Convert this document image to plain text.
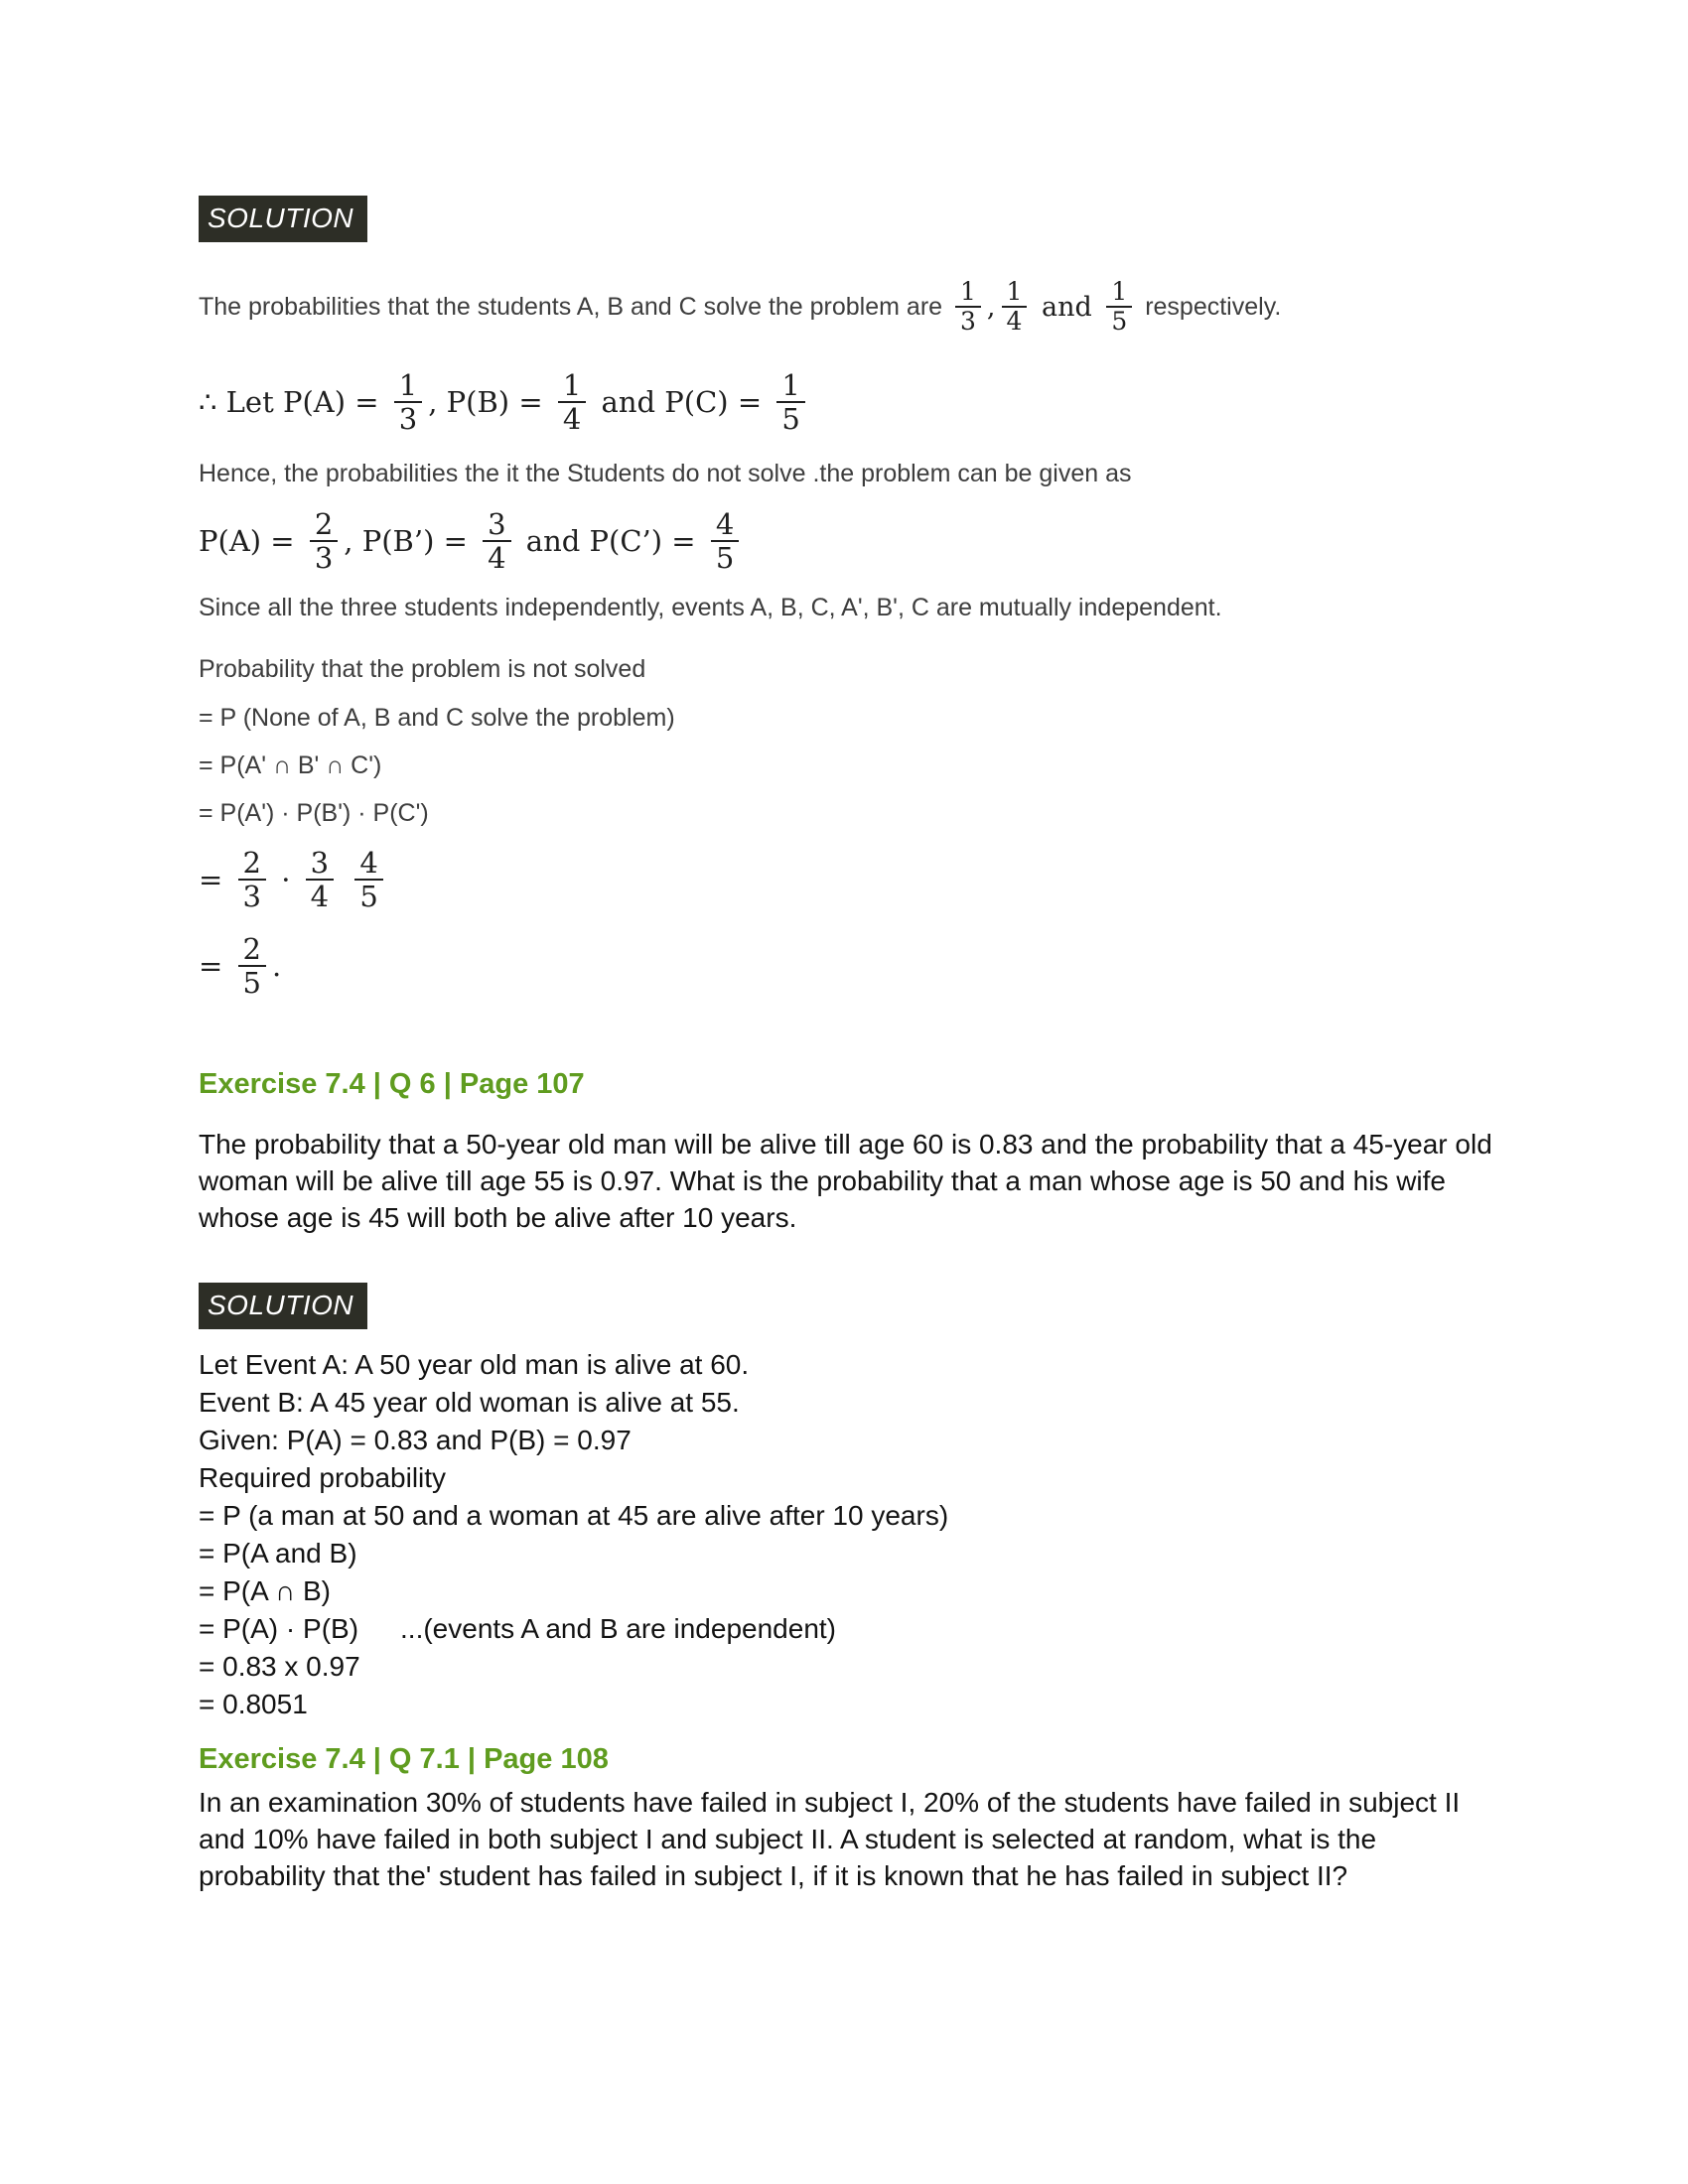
SOLUTION
The probabilities that the students A, B and C solve the problem are $\frac{1}{3}$ , $\frac{1}{4}$ and $\frac{1}{5}$ respectively.
∴ Let $P(A) = \frac{1}{3}$ , $P(B) = \frac{1}{4}$ and $P(C) = \frac{1}{5}$
Hence, the probabilities the it the Students do not solve .the problem can be given as
$P(A) = \frac{2}{3}$ , P(B’) = $\frac{3}{4}$ and P(C’) = $\frac{4}{5}$
Since all the three students independently, events A, B, C, A', B', C are mutually independent.
Probability that the problem is not solved
= P (None of A, B and C solve the problem)
= P(A' ∩ B' ∩ C')
= P(A') · P(B') · P(C')
= $\frac{2}{3} \cdot \frac{3}{4}$
$\frac{4}{5}$
= $\frac{2}{5}$ .
Exercise 7.4 | Q 6 | Page 107
The probability that a 50-year old man will be alive till age 60 is 0.83 and the probability that a 45-year old woman will be alive till age 55 is 0.97. What is the probability that a man whose age is 50 and his wife whose age is 45 will both be alive after 10 years.
SOLUTION
Let Event A: A 50 year old man is alive at 60.
Event B: A 45 year old woman is alive at 55.
Given: P(A) = 0.83 and P(B) = 0.97
Required probability
= P (a man at 50 and a woman at 45 are alive after 10 years)
= P(A and B)
= P(A ∩ B)
= P(A) · P(B) ...(events A and B are independent)
= 0.83 x 0.97
= 0.8051
Exercise 7.4 | Q 7.1 | Page 108
In an examination 30% of students have failed in subject I, 20% of the students have failed in subject II and 10% have failed in both subject I and subject II. A student is selected at random, what is the probability that the' student has failed in subject I, if it is known that he has failed in subject II?
